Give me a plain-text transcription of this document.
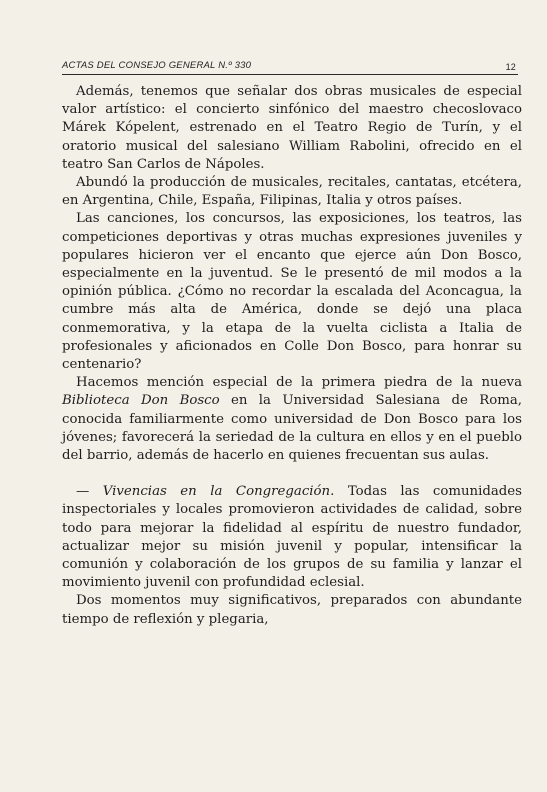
ACTAS DEL CONSEJO GENERAL N.º 330	12

Además, tenemos que señalar dos obras musicales de especial valor artístico: el concierto sinfónico del maestro checoslovaco Márek Kópelent, estrenado en el Teatro Regio de Turín, y el oratorio musical del salesiano William Rabolini, ofrecido en el teatro San Carlos de Nápoles.

Abundó la producción de musicales, recitales, cantatas, etcétera, en Argentina, Chile, España, Filipinas, Italia y otros países.

Las canciones, los concursos, las exposiciones, los teatros, las competiciones deportivas y otras muchas expresiones juveniles y populares hicieron ver el encanto que ejerce aún Don Bosco, especialmente en la juventud. Se le presentó de mil modos a la opinión pública. ¿Cómo no recordar la escalada del Aconcagua, la cumbre más alta de América, donde se dejó una placa conmemorativa, y la etapa de la vuelta ciclista a Italia de profesionales y aficionados en Colle Don Bosco, para honrar su centenario?

Hacemos mención especial de la primera piedra de la nueva Biblioteca Don Bosco en la Universidad Salesiana de Roma, conocida familiarmente como universidad de Don Bosco para los jóvenes; favorecerá la seriedad de la cultura en ellos y en el pueblo del barrio, además de hacerlo en quienes frecuentan sus aulas.

— Vivencias en la Congregación. Todas las comunidades inspectoriales y locales promovieron actividades de calidad, sobre todo para mejorar la fidelidad al espíritu de nuestro fundador, actualizar mejor su misión juvenil y popular, intensificar la comunión y colaboración de los grupos de su familia y lanzar el movimiento juvenil con profundidad eclesial.

Dos momentos muy significativos, preparados con abundante tiempo de reflexión y plegaria,
